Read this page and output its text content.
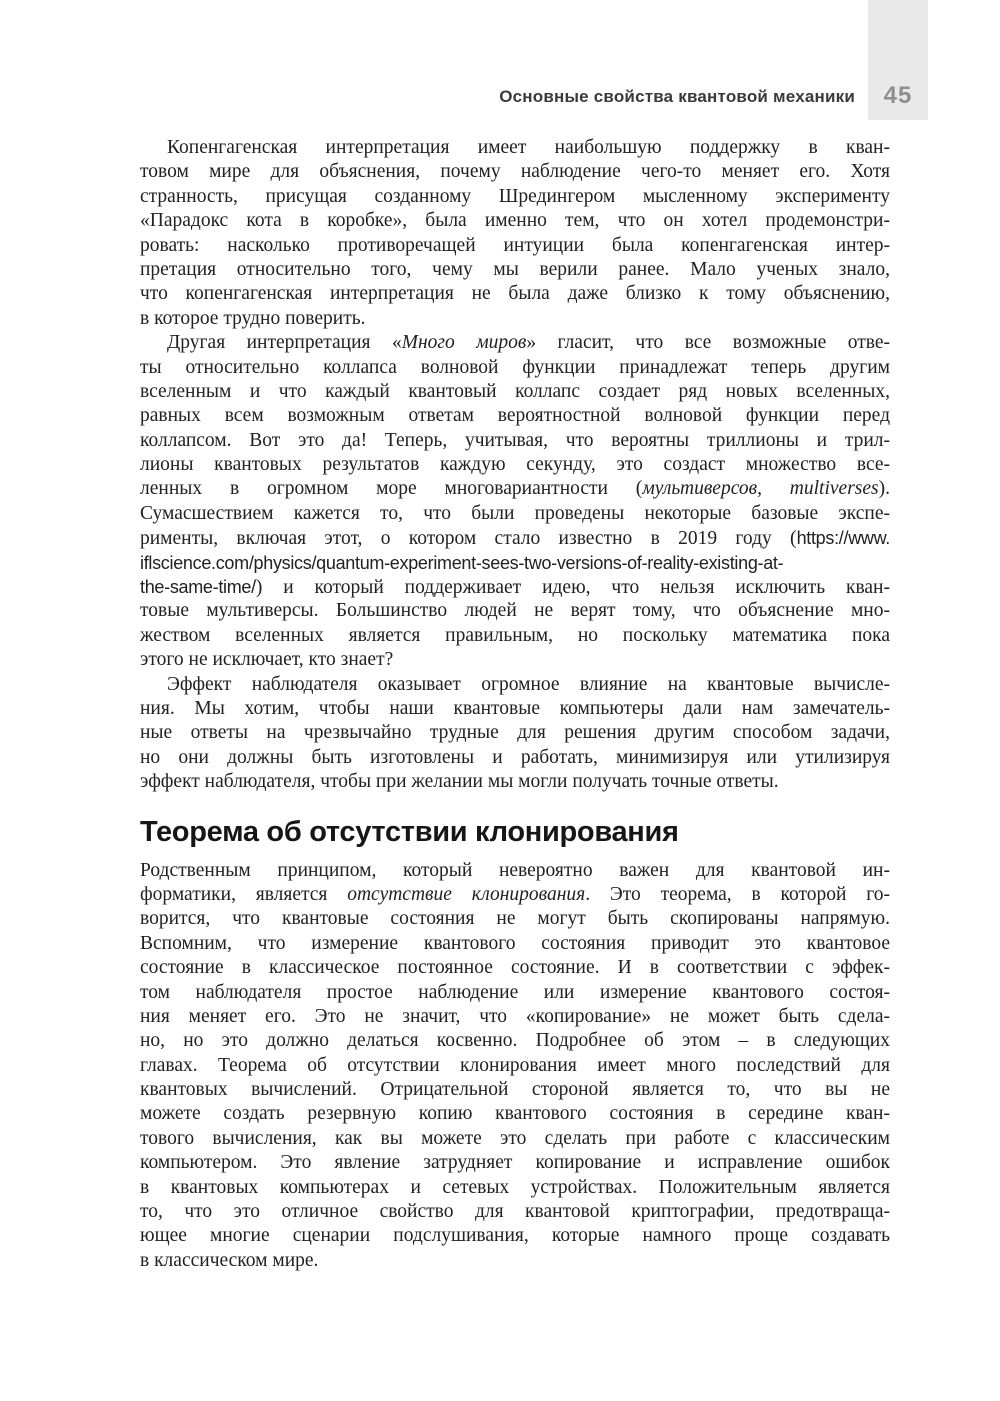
45
Основные свойства квантовой механики
Копенгагенская интерпретация имеет наибольшую поддержку в кван-
товом мире для объяснения, почему наблюдение чего-то меняет его. Хотя
странность, присущая созданному Шредингером мысленному эксперименту
«Парадокс кота в коробке», была именно тем, что он хотел продемонстри-
ровать: насколько противоречащей интуиции была копенгагенская интер-
претация относительно того, чему мы верили ранее. Мало ученых знало,
что копенгагенская интерпретация не была даже близко к тому объяснению,
в которое трудно поверить.
Другая интерпретация «Много миров» гласит, что все возможные отве-
ты относительно коллапса волновой функции принадлежат теперь другим
вселенным и что каждый квантовый коллапс создает ряд новых вселенных,
равных всем возможным ответам вероятностной волновой функции перед
коллапсом. Вот это да! Теперь, учитывая, что вероятны триллионы и трил-
лионы квантовых результатов каждую секунду, это создаст множество все-
ленных в огромном море многовариантности (мультиверсов, multiverses).
Сумасшествием кажется то, что были проведены некоторые базовые экспе-
рименты, включая этот, о котором стало известно в 2019 году (https://www.
iflscience.com/physics/quantum-experiment-sees-two-versions-of-reality-existing-at-
the-same-time/) и который поддерживает идею, что нельзя исключить кван-
товые мультиверсы. Большинство людей не верят тому, что объяснение мно-
жеством вселенных является правильным, но поскольку математика пока
этого не исключает, кто знает?
Эффект наблюдателя оказывает огромное влияние на квантовые вычисле-
ния. Мы хотим, чтобы наши квантовые компьютеры дали нам замечатель-
ные ответы на чрезвычайно трудные для решения другим способом задачи,
но они должны быть изготовлены и работать, минимизируя или утилизируя
эффект наблюдателя, чтобы при желании мы могли получать точные ответы.
Теорема об отсутствии клонирования
Родственным принципом, который невероятно важен для квантовой ин-
форматики, является отсутствие клонирования. Это теорема, в которой го-
ворится, что квантовые состояния не могут быть скопированы напрямую.
Вспомним, что измерение квантового состояния приводит это квантовое
состояние в классическое постоянное состояние. И в соответствии с эффек-
том наблюдателя простое наблюдение или измерение квантового состоя-
ния меняет его. Это не значит, что «копирование» не может быть сдела-
но, но это должно делаться косвенно. Подробнее об этом – в следующих
главах. Теорема об отсутствии клонирования имеет много последствий для
квантовых вычислений. Отрицательной стороной является то, что вы не
можете создать резервную копию квантового состояния в середине кван-
тового вычисления, как вы можете это сделать при работе с классическим
компьютером. Это явление затрудняет копирование и исправление ошибок
в квантовых компьютерах и сетевых устройствах. Положительным является
то, что это отличное свойство для квантовой криптографии, предотвраща-
ющее многие сценарии подслушивания, которые намного проще создавать
в классическом мире.
